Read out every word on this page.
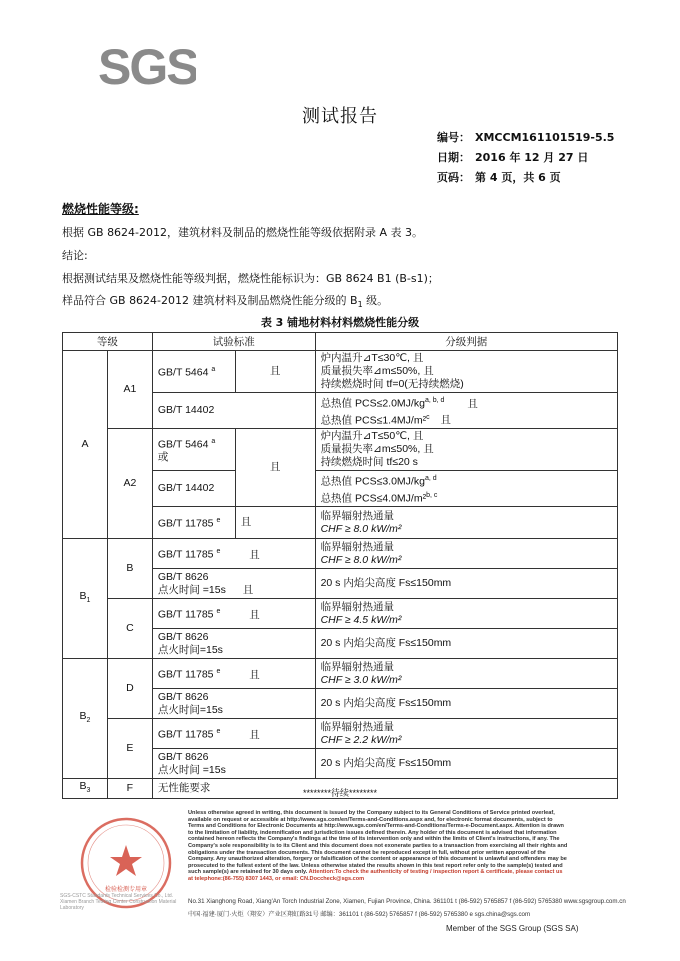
SGS
测试报告
编号： XMCCM161101519-5.5
日期： 2016 年 12 月 27 日
页码： 第 4 页，共 6 页
燃烧性能等级:
根据 GB 8624-2012，建筑材料及制品的燃烧性能等级依据附录 A 表 3。
结论:
根据测试结果及燃烧性能等级判据，燃烧性能标识为：GB 8624 B1 (B-s1)；
样品符合 GB 8624-2012 建筑材料及制品燃烧性能分级的 $B_1$ 级。
表 3 铺地材料材料燃烧性能分级
等级		试验标准		分级判据
A	A1	GB/T 5464 $^a$	且	炉内温升⊿T≤30℃, 且
质量损失率⊿m≤50%, 且
持续燃烧时间 tf=0(无持续燃烧)

		GB/T 14402		总热值 PCS≤2.0MJ/kg$^{a, b, d}$ 且
总热值 PCS≤1.4MJ/m²$^c$ 且

	A2	GB/T 5464 $^a$
或	且	炉内温升⊿T≤50℃, 且
质量损失率⊿m≤50%, 且
持续燃烧时间 tf≤20 s

		GB/T 14402		总热值 PCS≤3.0MJ/kg$^{a, d}$
总热值 PCS≤4.0MJ/m²$^{b, c}$

		GB/T 11785 $^e$	且	临界辐射热通量
CHF ≥ 8.0 kW/m²

$B_1$	B	GB/T 11785 $^e$ 且		临界辐射热通量
CHF ≥ 8.0 kW/m²

		GB/T 8626
点火时间 =15s 且		20 s 内焰尖高度 Fs≤150mm
	C	GB/T 11785 $^e$ 且		临界辐射热通量
CHF ≥ 4.5 kW/m²

		GB/T 8626
点火时间=15s		20 s 内焰尖高度 Fs≤150mm
$B_2$	D	GB/T 11785 $^e$ 且		临界辐射热通量
CHF ≥ 3.0 kW/m²

		GB/T 8626
点火时间=15s		20 s 内焰尖高度 Fs≤150mm
	E	GB/T 11785 $^e$ 且		临界辐射热通量
CHF ≥ 2.2 kW/m²

		GB/T 8626
点火时间 =15s		20 s 内焰尖高度 Fs≤150mm
$B_3$	F	无性能要求			********待续********
检验检测专用章
SGS-CSTC Standards Technical Services Co., Ltd. Xiamen Branch Testing Center Construction Material Laboratory
Unless otherwise agreed in writing, this document is issued by the Company subject to its General Conditions of Service printed overleaf, available on request or accessible at http://www.sgs.com/en/Terms-and-Conditions.aspx and, for electronic format documents, subject to Terms and Conditions for Electronic Documents at http://www.sgs.com/en/Terms-and-Conditions/Terms-e-Document.aspx. Attention is drawn to the limitation of liability, indemnification and jurisdiction issues defined therein. Any holder of this document is advised that information contained hereon reflects the Company's findings at the time of its intervention only and within the limits of Client's instructions, if any. The Company's sole responsibility is to its Client and this document does not exonerate parties to a transaction from exercising all their rights and obligations under the transaction documents. This document cannot be reproduced except in full, without prior written approval of the Company. Any unauthorized alteration, forgery or falsification of the content or appearance of this document is unlawful and offenders may be prosecuted to the fullest extent of the law. Unless otherwise stated the results shown in this test report refer only to the sample(s) tested and such sample(s) are retained for 30 days only. Attention:To check the authenticity of testing / inspection report & certificate, please contact us at telephone:(86-755) 8307 1443, or email: CN.Doccheck@sgs.com
No.31 Xianghong Road, Xiang'An Torch Industrial Zone, Xiamen, Fujian Province, China. 361101 t (86-592) 5765857 f (86-592) 5765380 www.sgsgroup.com.cn
中国·福建·厦门·火炬（翔安）产业区翔虹路31号 邮编：361101 t (86-592) 5765857 f (86-592) 5765380 e sgs.china@sgs.com
Member of the SGS Group (SGS SA)
